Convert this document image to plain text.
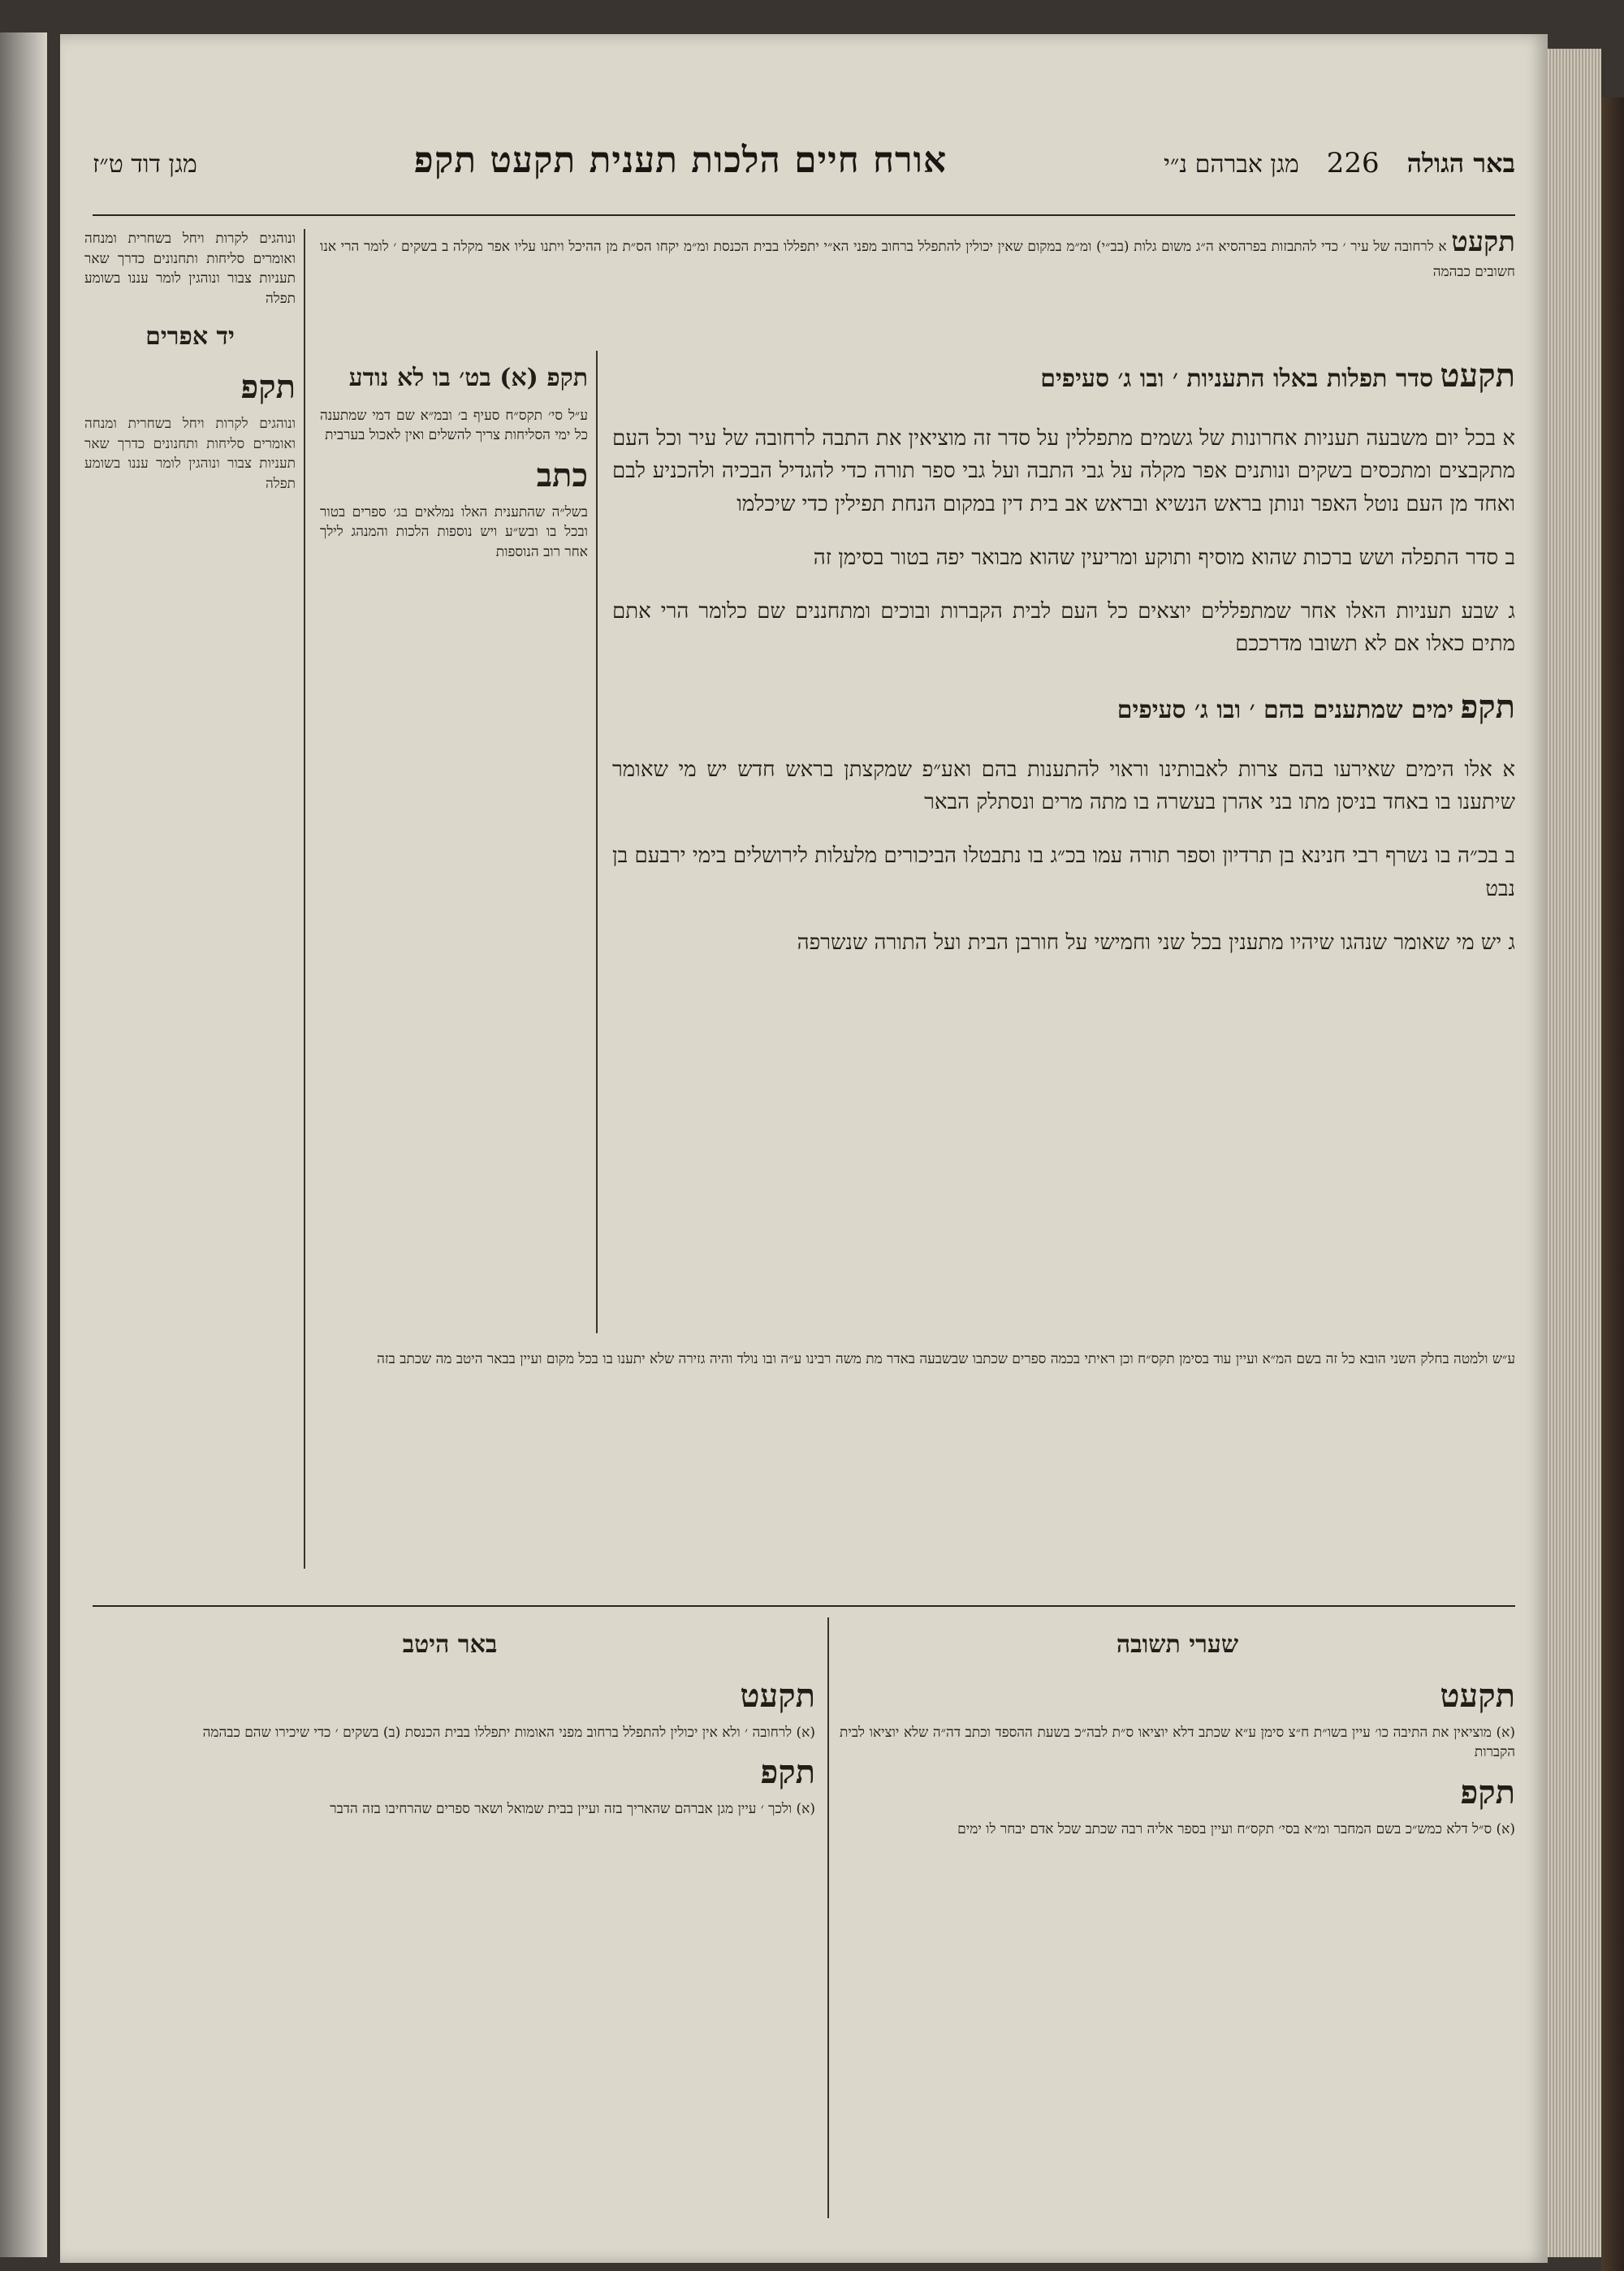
באר הגולה
226
מגן אברהם נ״י
אורח חיים הלכות תענית תקעט תקפ
מגן דוד ט״ז
ונוהגים לקרות ויחל בשחרית ומנחה ואומרים סליחות ותחנונים כדרך שאר תעניות צבור ונוהגין לומר עננו בשומע תפלה
יד אפרים
תקפ
ונוהגים לקרות ויחל בשחרית ומנחה ואומרים סליחות ותחנונים כדרך שאר תעניות צבור ונוהגין לומר עננו בשומע תפלה
תקעט א לרחובה של עיר ׳ כדי להתבזות בפרהסיא ה״ג משום גלות (בב״י) ומ״מ במקום שאין יכולין להתפלל ברחוב מפני הא״י יתפללו בבית הכנסת ומ״מ יקחו הס״ת מן ההיכל ויתנו עליו אפר מקלה ב בשקים ׳ לומר הרי אנו חשובים כבהמה
תקפ (א) בט׳ בו לא נודע
ע״ל סי׳ תקס״ח סעיף ב׳ ובמ״א שם דמי שמתענה כל ימי הסליחות צריך להשלים ואין לאכול בערבית
כתב
בשל״ה שהתענית האלו נמלאים בג׳ ספרים בטור ובכל בו ובש״ע ויש נוספות הלכות והמנהג לילך אחר רוב הנוספות
תקעט סדר תפלות באלו התעניות ׳ ובו ג׳ סעיפים

א בכל יום משבעה תעניות אחרונות של גשמים מתפללין על סדר זה מוציאין את התבה לרחובה של עיר וכל העם מתקבצים ומתכסים בשקים ונותנים אפר מקלה על גבי התבה ועל גבי ספר תורה כדי להגדיל הבכיה ולהכניע לבם ואחד מן העם נוטל האפר ונותן בראש הנשיא ובראש אב בית דין במקום הנחת תפילין כדי שיכלמו

ב סדר התפלה ושש ברכות שהוא מוסיף ותוקע ומריעין שהוא מבואר יפה בטור בסימן זה

ג שבע תעניות האלו אחר שמתפללים יוצאים כל העם לבית הקברות ובוכים ומתחננים שם כלומר הרי אתם מתים כאלו אם לא תשובו מדרככם

תקפ ימים שמתענים בהם ׳ ובו ג׳ סעיפים

א אלו הימים שאירעו בהם צרות לאבותינו וראוי להתענות בהם ואע״פ שמקצתן בראש חדש יש מי שאומר שיתענו בו באחד בניסן מתו בני אהרן בעשרה בו מתה מרים ונסתלק הבאר

ב בכ״ה בו נשרף רבי חנינא בן תרדיון וספר תורה עמו בכ״ג בו נתבטלו הביכורים מלעלות לירושלים בימי ירבעם בן נבט

ג יש מי שאומר שנהגו שיהיו מתענין בכל שני וחמישי על חורבן הבית ועל התורה שנשרפה

ע״ש ולמטה בחלק השני הובא כל זה בשם המ״א ועיין עוד בסימן תקס״ח וכן ראיתי בכמה ספרים שכתבו שבשבעה באדר מת משה רבינו ע״ה ובו נולד והיה גזירה שלא יתענו בו בכל מקום ועיין בבאר היטב מה שכתב בזה
שערי תשובה
תקעט
(א) מוציאין את התיבה כו׳ עיין בשו״ת ח״צ סימן ע״א שכתב דלא יוציאו ס״ת לבה״כ בשעת ההספד וכתב דה״ה שלא יוציאו לבית הקברות
תקפ
(א) ס״ל דלא כמש״כ בשם המחבר ומ״א בסי׳ תקס״ח ועיין בספר אליה רבה שכתב שכל אדם יבחר לו ימים
באר היטב
תקעט
(א) לרחובה ׳ ולא אין יכולין להתפלל ברחוב מפני האומות יתפללו בבית הכנסת (ב) בשקים ׳ כדי שיכירו שהם כבהמה
תקפ
(א) ולכך ׳ עיין מגן אברהם שהאריך בזה ועיין בבית שמואל ושאר ספרים שהרחיבו בזה הדבר
